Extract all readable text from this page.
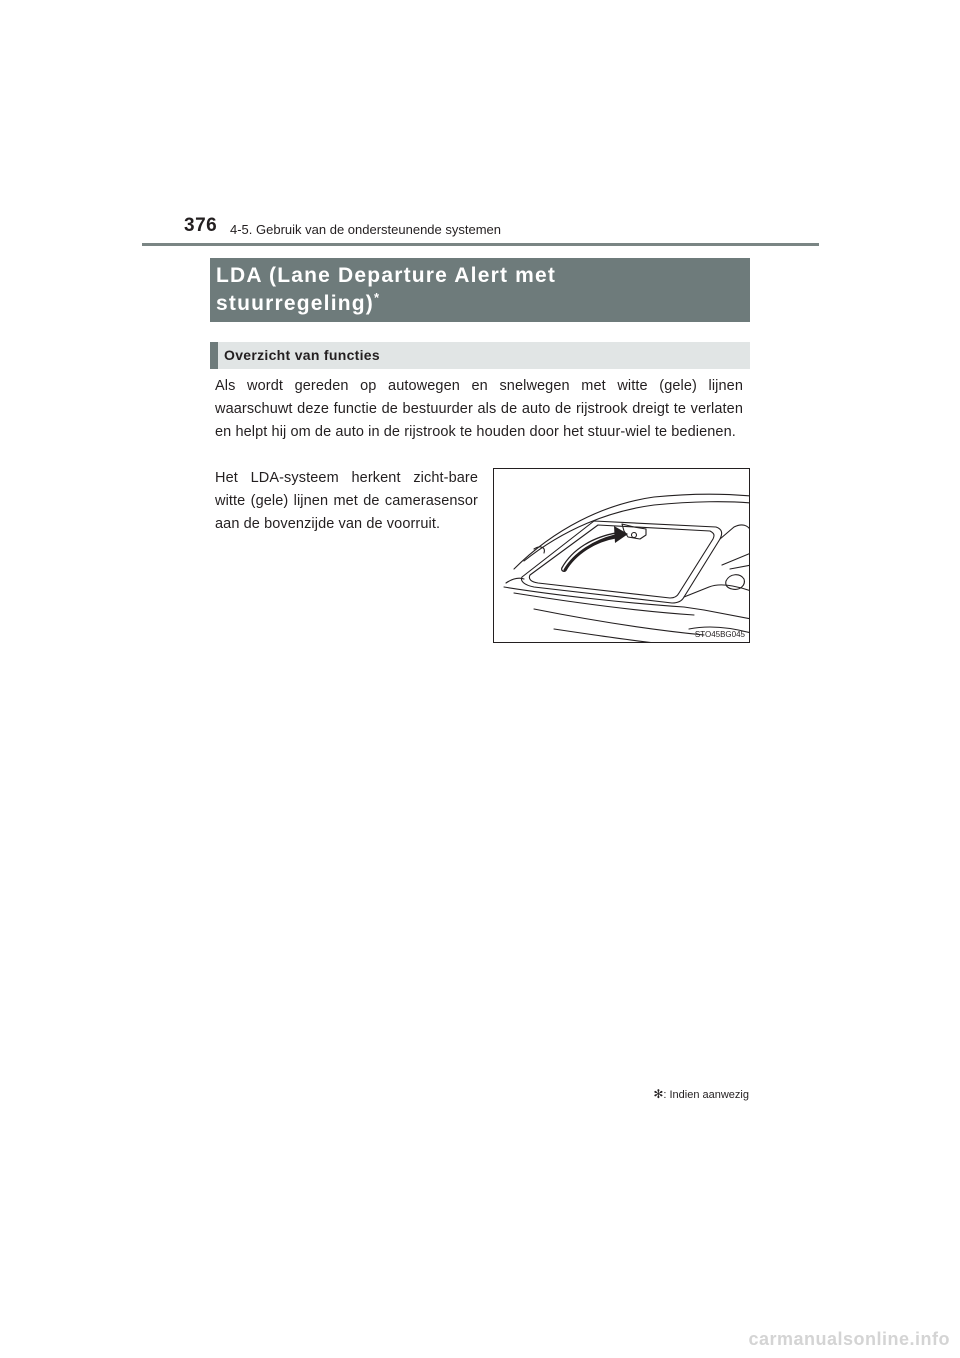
376 4-5. Gebruik van de ondersteunende systemen
LDA (Lane Departure Alert met
stuurregeling)*
Overzicht van functies
Als wordt gereden op autowegen en snelwegen met witte (gele) lijnen waarschuwt deze functie de bestuurder als de auto de rijstrook dreigt te verlaten en helpt hij om de auto in de rijstrook te houden door het stuur-wiel te bedienen.
Het LDA-systeem herkent zicht-bare witte (gele) lijnen met de camerasensor aan de bovenzijde van de voorruit.
STO45BG045
✻: Indien aanwezig
carmanualsonline.info
